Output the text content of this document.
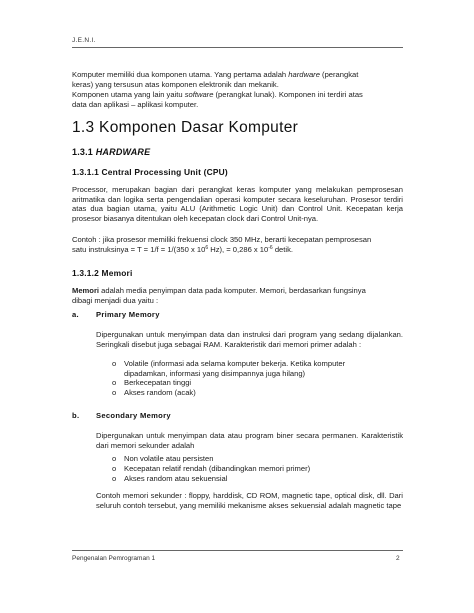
J.E.N.I.
Komputer memiliki dua komponen utama. Yang pertama adalah hardware (perangkat
keras) yang tersusun atas komponen elektronik dan mekanik.
Komponen utama yang lain yaitu software (perangkat lunak). Komponen ini terdiri atas
data dan aplikasi – aplikasi komputer.
1.3 Komponen Dasar Komputer
1.3.1 HARDWARE
1.3.1.1 Central Processing Unit (CPU)
Processor, merupakan bagian dari perangkat keras komputer yang melakukan pemprosesan aritmatika dan logika serta pengendalian operasi komputer secara keseluruhan. Prosesor terdiri atas dua bagian utama, yaitu ALU (Arithmetic Logic Unit) dan Control Unit. Kecepatan kerja prosesor biasanya ditentukan oleh kecepatan clock dari Control Unit-nya.
Contoh : jika prosesor memiliki frekuensi clock 350 MHz, berarti kecepatan pemprosesan
satu instruksinya = T = 1/f = 1/(350 x $10^6$ Hz), = 0,286 x $10^{-6}$ detik.
1.3.1.2 Memori
Memori adalah media penyimpan data pada komputer. Memori, berdasarkan fungsinya
dibagi menjadi dua yaitu :
a. Primary Memory
Dipergunakan untuk menyimpan data dan instruksi dari program yang sedang dijalankan. Seringkali disebut juga sebagai RAM. Karakteristik dari memori primer adalah :
o Volatile (informasi ada selama komputer bekerja. Ketika komputer
dipadamkan, informasi yang disimpannya juga hilang)
o Berkecepatan tinggi
o Akses random (acak)
b. Secondary Memory
Dipergunakan untuk menyimpan data atau program biner secara permanen. Karakteristik dari memori sekunder adalah
o Non volatile atau persisten
o Kecepatan relatif rendah (dibandingkan memori primer)
o Akses random atau sekuensial
Contoh memori sekunder : floppy, harddisk, CD ROM, magnetic tape, optical disk, dll. Dari seluruh contoh tersebut, yang memiliki mekanisme akses sekuensial adalah magnetic tape
Pengenalan Pemrograman 1	2
